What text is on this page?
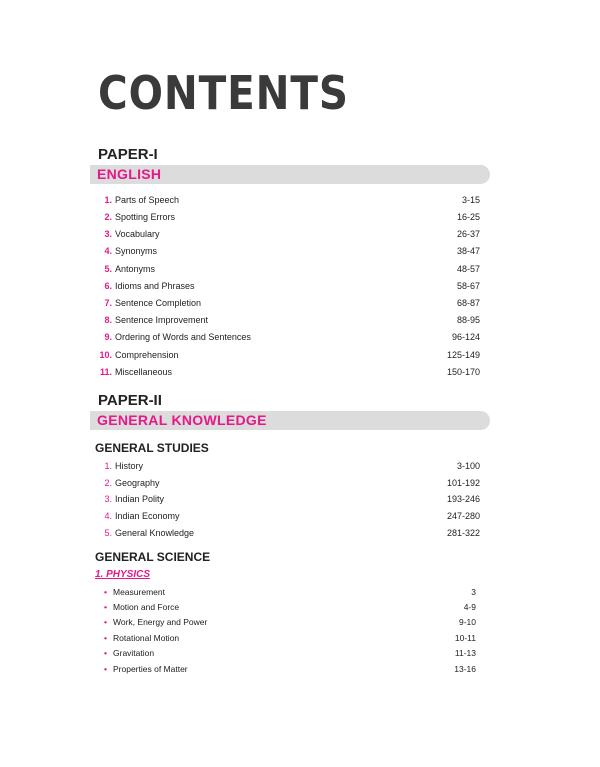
CONTENTS
PAPER-I
ENGLISH
1. Parts of Speech	3-15
2. Spotting Errors	16-25
3. Vocabulary	26-37
4. Synonyms	38-47
5. Antonyms	48-57
6. Idioms and Phrases	58-67
7. Sentence Completion	68-87
8. Sentence Improvement	88-95
9. Ordering of Words and Sentences	96-124
10. Comprehension	125-149
11. Miscellaneous	150-170
PAPER-II
GENERAL KNOWLEDGE
GENERAL STUDIES
1. History	3-100
2. Geography	101-192
3. Indian Polity	193-246
4. Indian Economy	247-280
5. General Knowledge	281-322
GENERAL SCIENCE
1. PHYSICS
• Measurement	3
• Motion and Force	4-9
• Work, Energy and Power	9-10
• Rotational Motion	10-11
• Gravitation	11-13
• Properties of Matter	13-16
